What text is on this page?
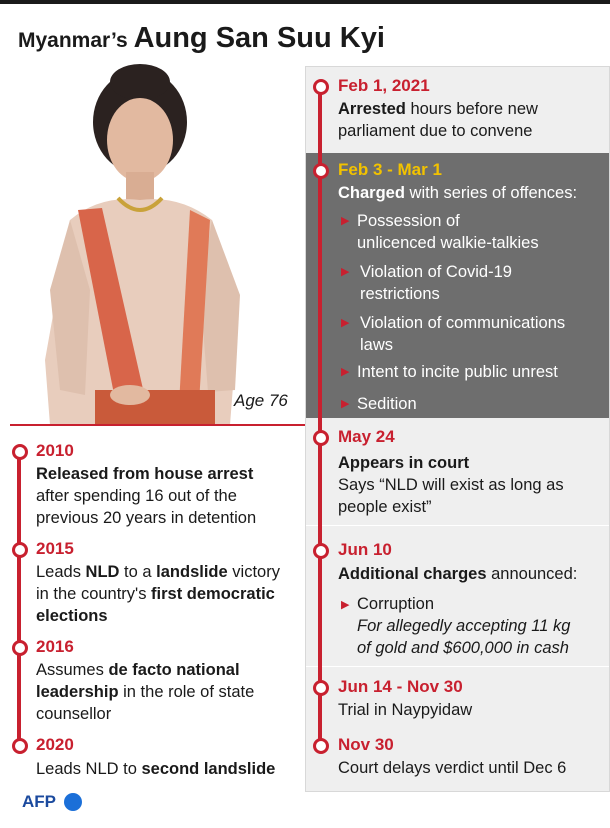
Myanmar’s Aung San Suu Kyi
Age 76
2010
Released from house arrest
after spending 16 out of the
previous 20 years in detention
2015
Leads NLD to a landslide victory
in the country's first democratic
elections
2016
Assumes de facto national
leadership in the role of state
counsellor
2020
Leads NLD to second landslide
Feb 1, 2021
Arrested hours before new
parliament due to convene
Feb 3 - Mar 1
Charged with series of offences:
▶ Possession of
unlicenced walkie-talkies
▶ Violation of Covid-19
restrictions
▶ Violation of communications
laws
▶ Intent to incite public unrest
▶ Sedition
May 24
Appears in court
Says “NLD will exist as long as
people exist”
Jun 10
Additional charges announced:
▶ Corruption
For allegedly accepting 11 kg
of gold and $600,000 in cash
Jun 14 - Nov 30
Trial in Naypyidaw
Nov 30
Court delays verdict until Dec 6
AFP
